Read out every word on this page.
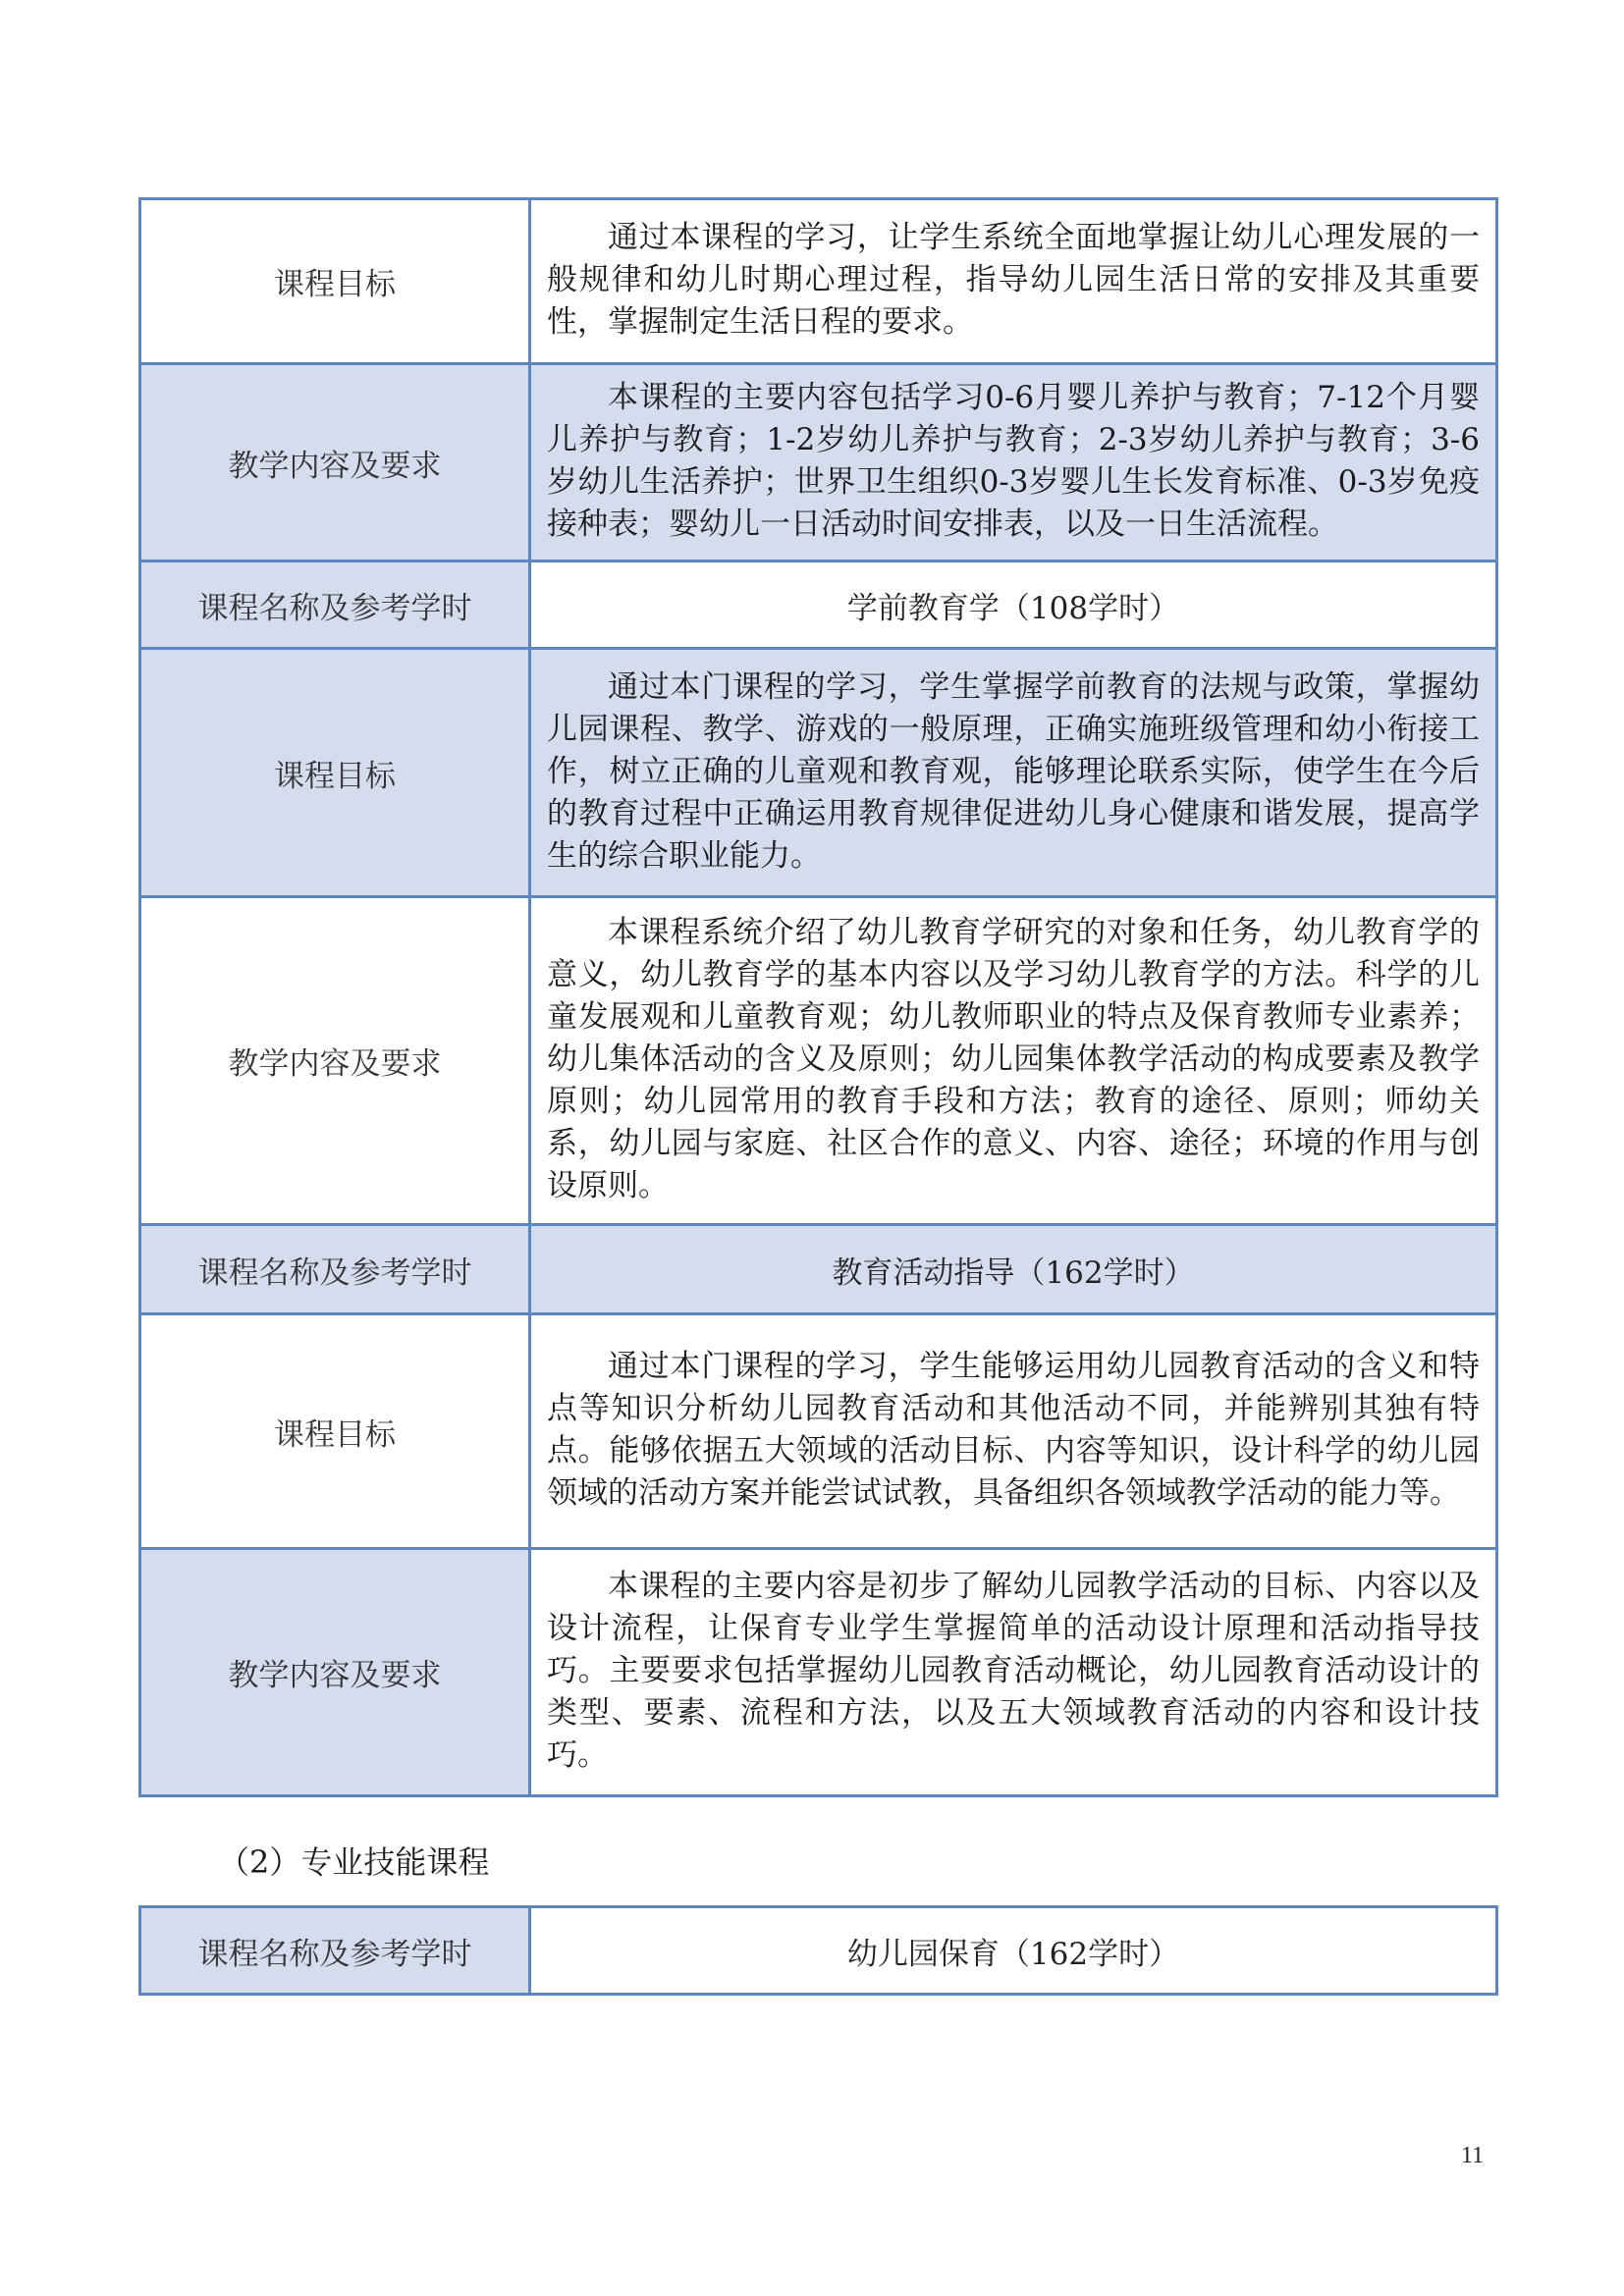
课程目标	通过本课程的学习，让学生系统全面地掌握让幼儿心理发展的一般规律和幼儿时期心理过程，指导幼儿园生活日常的安排及其重要性，掌握制定生活日程的要求。

教学内容及要求	本课程的主要内容包括学习0-6月婴儿养护与教育；7-12个月婴儿养护与教育；1-2岁幼儿养护与教育；2-3岁幼儿养护与教育；3-6岁幼儿生活养护；世界卫生组织0-3岁婴儿生长发育标准、0-3岁免疫接种表；婴幼儿一日活动时间安排表，以及一日生活流程。

课程名称及参考学时	学前教育学（108学时）
课程目标	通过本门课程的学习，学生掌握学前教育的法规与政策，掌握幼儿园课程、教学、游戏的一般原理，正确实施班级管理和幼小衔接工作，树立正确的儿童观和教育观，能够理论联系实际，使学生在今后的教育过程中正确运用教育规律促进幼儿身心健康和谐发展，提高学生的综合职业能力。

教学内容及要求	本课程系统介绍了幼儿教育学研究的对象和任务，幼儿教育学的意义，幼儿教育学的基本内容以及学习幼儿教育学的方法。科学的儿童发展观和儿童教育观；幼儿教师职业的特点及保育教师专业素养；幼儿集体活动的含义及原则；幼儿园集体教学活动的构成要素及教学原则；幼儿园常用的教育手段和方法；教育的途径、原则；师幼关系，幼儿园与家庭、社区合作的意义、内容、途径；环境的作用与创设原则。

课程名称及参考学时	教育活动指导（162学时）
课程目标	通过本门课程的学习，学生能够运用幼儿园教育活动的含义和特点等知识分析幼儿园教育活动和其他活动不同，并能辨别其独有特点。能够依据五大领域的活动目标、内容等知识，设计科学的幼儿园领域的活动方案并能尝试试教，具备组织各领域教学活动的能力等。

教学内容及要求	本课程的主要内容是初步了解幼儿园教学活动的目标、内容以及设计流程，让保育专业学生掌握简单的活动设计原理和活动指导技巧。主要要求包括掌握幼儿园教育活动概论，幼儿园教育活动设计的类型、要素、流程和方法，以及五大领域教育活动的内容和设计技巧。
（2）专业技能课程
课程名称及参考学时	幼儿园保育（162学时）
11
